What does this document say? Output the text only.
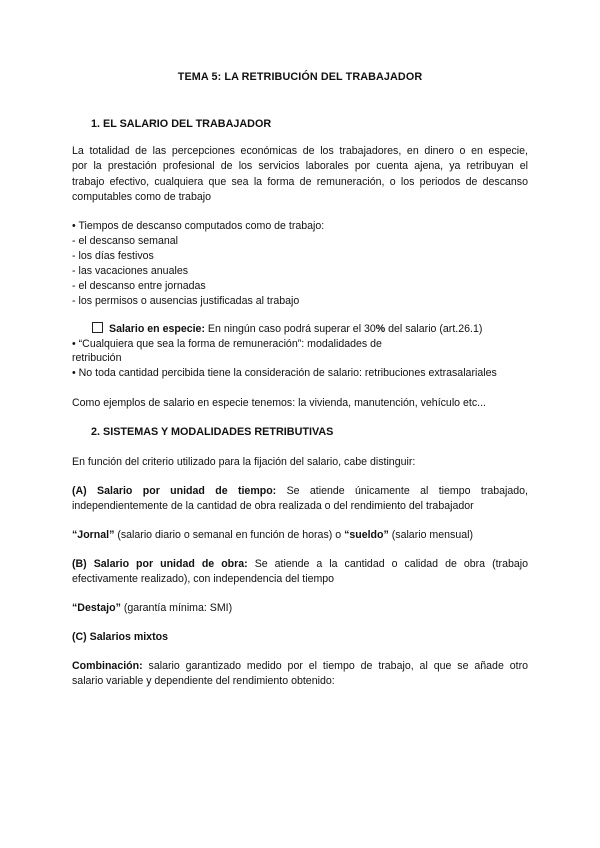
TEMA 5: LA RETRIBUCIÓN DEL TRABAJADOR
1. EL SALARIO DEL TRABAJADOR
La totalidad de las percepciones económicas de los trabajadores, en dinero o en especie,
por la prestación profesional de los servicios laborales por cuenta ajena, ya retribuyan el
trabajo efectivo, cualquiera que sea la forma de remuneración, o los periodos de descanso
computables como de trabajo
• Tiempos de descanso computados como de trabajo:
- el descanso semanal
- los días festivos
- las vacaciones anuales
- el descanso entre jornadas
- los permisos o ausencias justificadas al trabajo
Salario en especie: En ningún caso podrá superar el 30% del salario (art.26.1)
• “Cualquiera que sea la forma de remuneración”: modalidades de
retribución
• No toda cantidad percibida tiene la consideración de salario: retribuciones extrasalariales
Como ejemplos de salario en especie tenemos: la vivienda, manutención, vehículo etc...
2. SISTEMAS Y MODALIDADES RETRIBUTIVAS
En función del criterio utilizado para la fijación del salario, cabe distinguir:
(A) Salario por unidad de tiempo: Se atiende únicamente al tiempo trabajado,
independientemente de la cantidad de obra realizada o del rendimiento del trabajador
“Jornal” (salario diario o semanal en función de horas) o “sueldo” (salario mensual)
(B) Salario por unidad de obra: Se atiende a la cantidad o calidad de obra (trabajo
efectivamente realizado), con independencia del tiempo
“Destajo” (garantía mínima: SMI)
(C) Salarios mixtos
Combinación: salario garantizado medido por el tiempo de trabajo, al que se añade otro
salario variable y dependiente del rendimiento obtenido:
